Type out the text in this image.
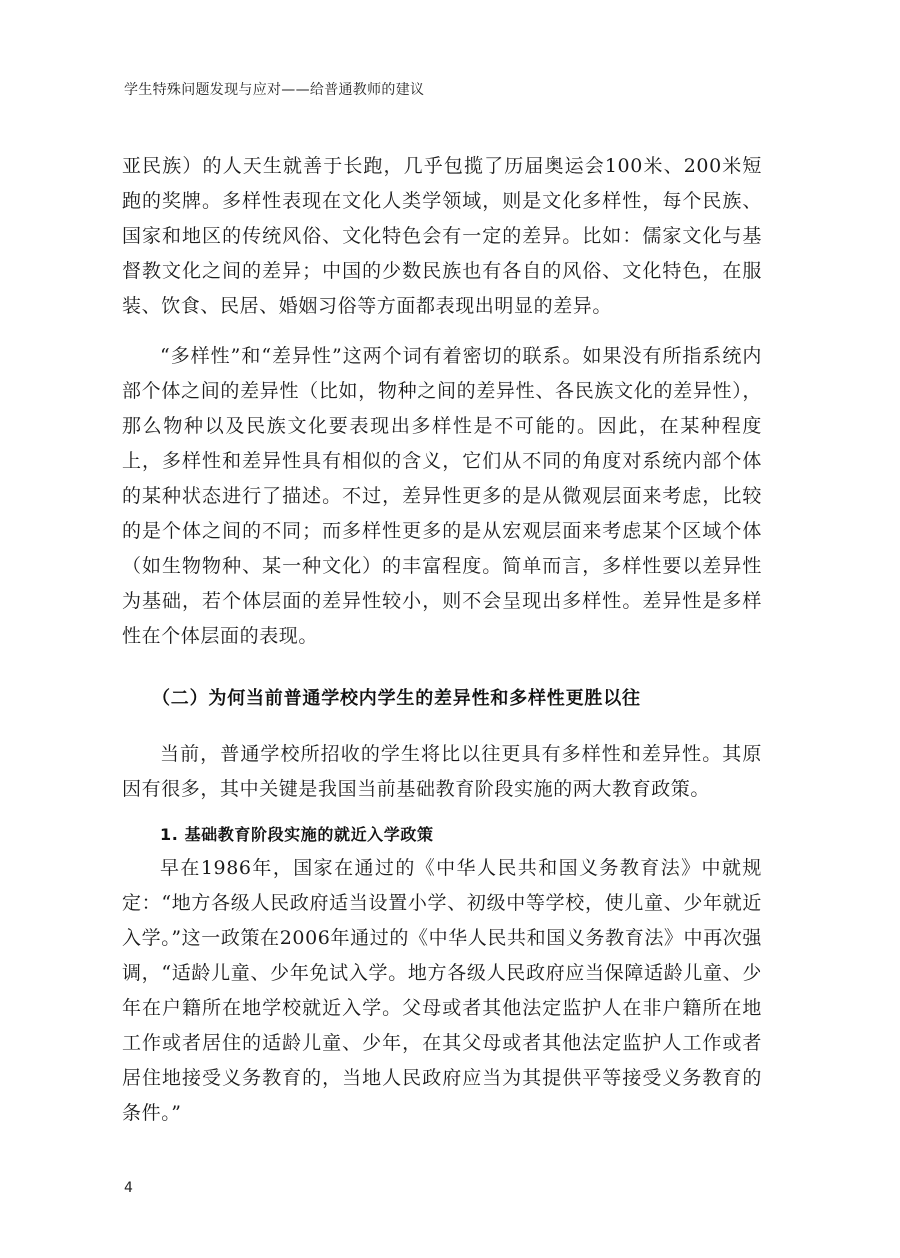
学生特殊问题发现与应对——给普通教师的建议

亚民族）的人天生就善于长跑，几乎包揽了历届奥运会100米、200米短跑的奖牌。多样性表现在文化人类学领域，则是文化多样性，每个民族、国家和地区的传统风俗、文化特色会有一定的差异。比如：儒家文化与基督教文化之间的差异；中国的少数民族也有各自的风俗、文化特色，在服装、饮食、民居、婚姻习俗等方面都表现出明显的差异。

“多样性”和“差异性”这两个词有着密切的联系。如果没有所指系统内部个体之间的差异性（比如，物种之间的差异性、各民族文化的差异性），那么物种以及民族文化要表现出多样性是不可能的。因此，在某种程度上，多样性和差异性具有相似的含义，它们从不同的角度对系统内部个体的某种状态进行了描述。不过，差异性更多的是从微观层面来考虑，比较的是个体之间的不同；而多样性更多的是从宏观层面来考虑某个区域个体（如生物物种、某一种文化）的丰富程度。简单而言，多样性要以差异性为基础，若个体层面的差异性较小，则不会呈现出多样性。差异性是多样性在个体层面的表现。

（二）为何当前普通学校内学生的差异性和多样性更胜以往

当前，普通学校所招收的学生将比以往更具有多样性和差异性。其原因有很多，其中关键是我国当前基础教育阶段实施的两大教育政策。

1. 基础教育阶段实施的就近入学政策

早在1986年，国家在通过的《中华人民共和国义务教育法》中就规定：“地方各级人民政府适当设置小学、初级中等学校，使儿童、少年就近入学。”这一政策在2006年通过的《中华人民共和国义务教育法》中再次强调，“适龄儿童、少年免试入学。地方各级人民政府应当保障适龄儿童、少年在户籍所在地学校就近入学。父母或者其他法定监护人在非户籍所在地工作或者居住的适龄儿童、少年，在其父母或者其他法定监护人工作或者居住地接受义务教育的，当地人民政府应当为其提供平等接受义务教育的条件。”

4
